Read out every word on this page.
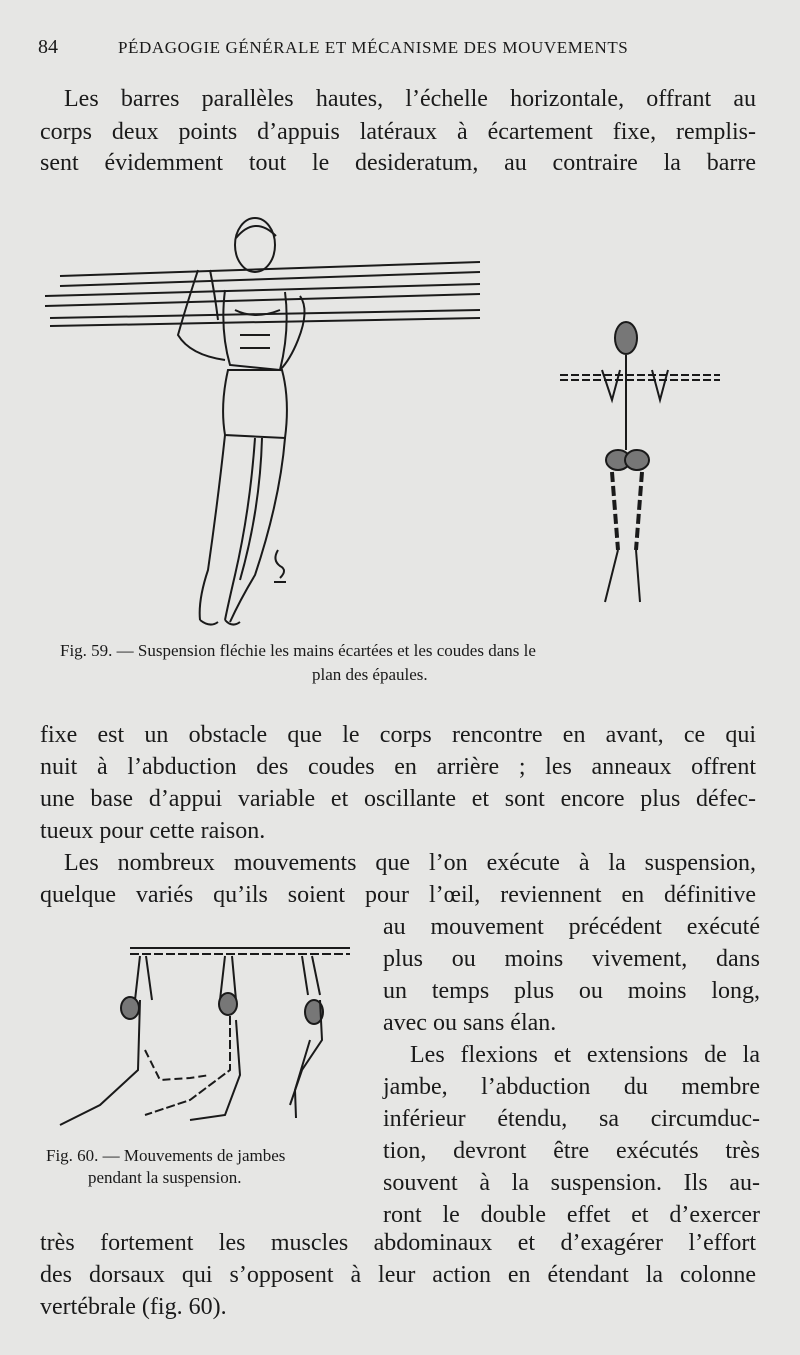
84	PÉDAGOGIE GÉNÉRALE ET MÉCANISME DES MOUVEMENTS
Les barres parallèles hautes, l’échelle horizontale, offrant au
corps deux points d’appuis latéraux à écartement fixe, remplis-
sent évidemment tout le desideratum, au contraire la barre
Fig. 59. — Suspension fléchie les mains écartées et les coudes dans le
plan des épaules.
fixe est un obstacle que le corps rencontre en avant, ce qui
nuit à l’abduction des coudes en arrière ; les anneaux offrent
une base d’appui variable et oscillante et sont encore plus défec-
tueux pour cette raison.
Les nombreux mouvements que l’on exécute à la suspension,
quelque variés qu’ils soient pour l’œil, reviennent en définitive
au mouvement précédent exécuté
plus ou moins vivement, dans
un temps plus ou moins long,
avec ou sans élan.
Les flexions et extensions de la
jambe, l’abduction du membre
inférieur étendu, sa circumduc-
tion, devront être exécutés très
souvent à la suspension. Ils au-
ront le double effet et d’exercer
très fortement les muscles abdominaux et d’exagérer l’effort
des dorsaux qui s’opposent à leur action en étendant la colonne
vertébrale (fig. 60).
Fig. 60. — Mouvements de jambes
pendant la suspension.
